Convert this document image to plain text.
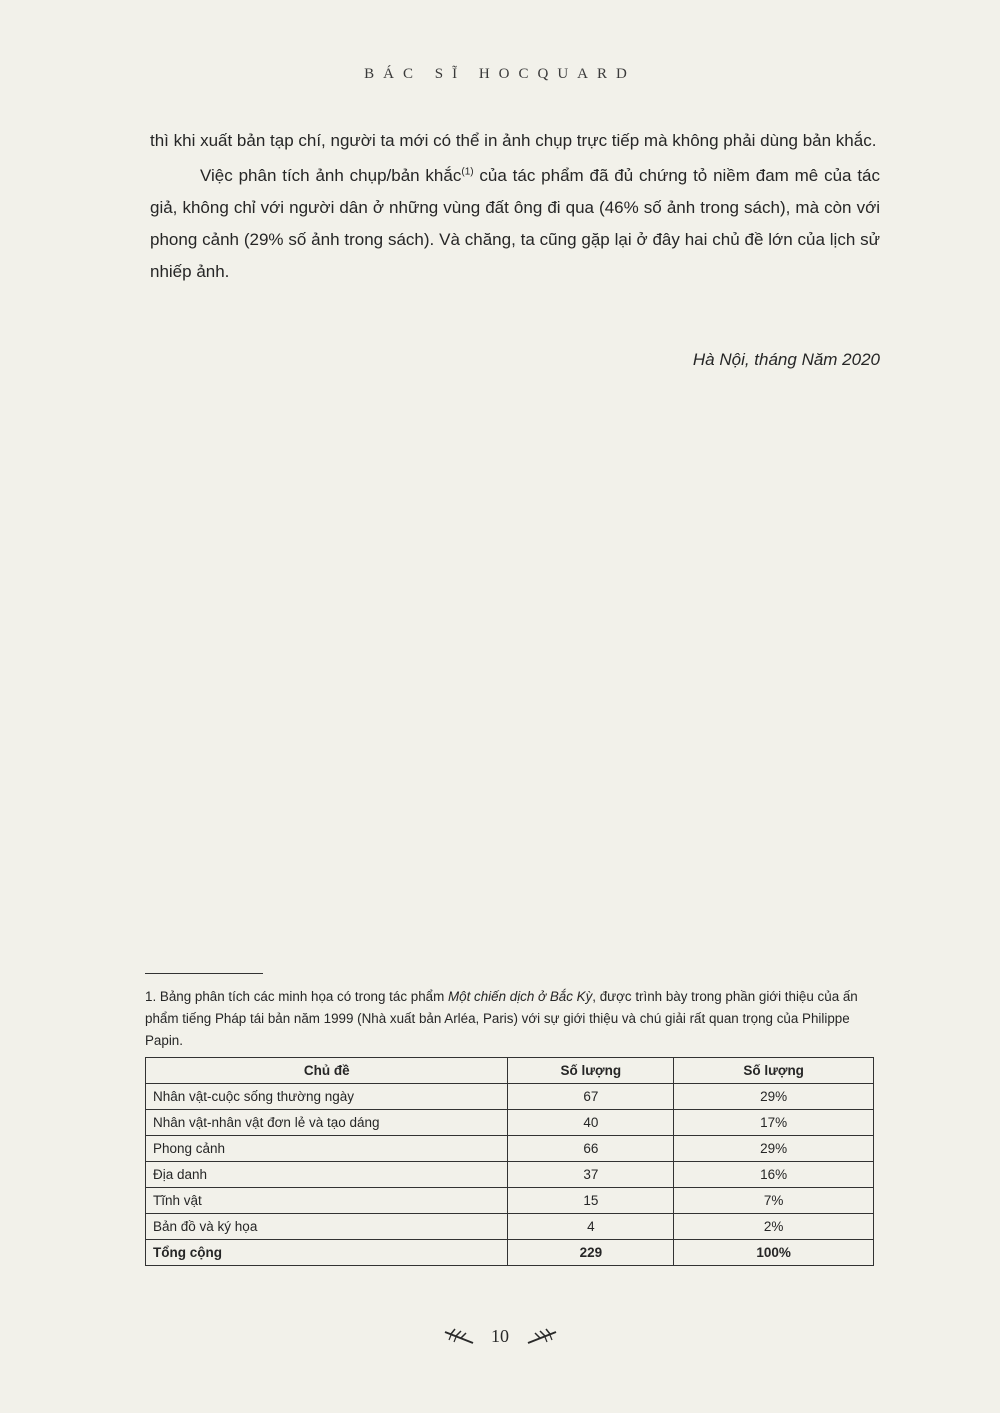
BÁC SĨ HOCQUARD

thì khi xuất bản tạp chí, người ta mới có thể in ảnh chụp trực tiếp mà không phải dùng bản khắc.

Việc phân tích ảnh chụp/bản khắc$^{(1)}$ của tác phẩm đã đủ chứng tỏ niềm đam mê của tác giả, không chỉ với người dân ở những vùng đất ông đi qua (46% số ảnh trong sách), mà còn với phong cảnh (29% số ảnh trong sách). Và chăng, ta cũng gặp lại ở đây hai chủ đề lớn của lịch sử nhiếp ảnh.

Hà Nội, tháng Năm 2020

1. Bảng phân tích các minh họa có trong tác phẩm Một chiến dịch ở Bắc Kỳ, được trình bày trong phần giới thiệu của ấn phẩm tiếng Pháp tái bản năm 1999 (Nhà xuất bản Arléa, Paris) với sự giới thiệu và chú giải rất quan trọng của Philippe Papin.

Chủ đề	Số lượng	Số lượng
Nhân vật-cuộc sống thường ngày	67	29%
Nhân vật-nhân vật đơn lẻ và tạo dáng	40	17%
Phong cảnh	66	29%
Địa danh	37	16%
Tĩnh vật	15	7%
Bản đồ và ký họa	4	2%
Tổng cộng	229	100%
10
